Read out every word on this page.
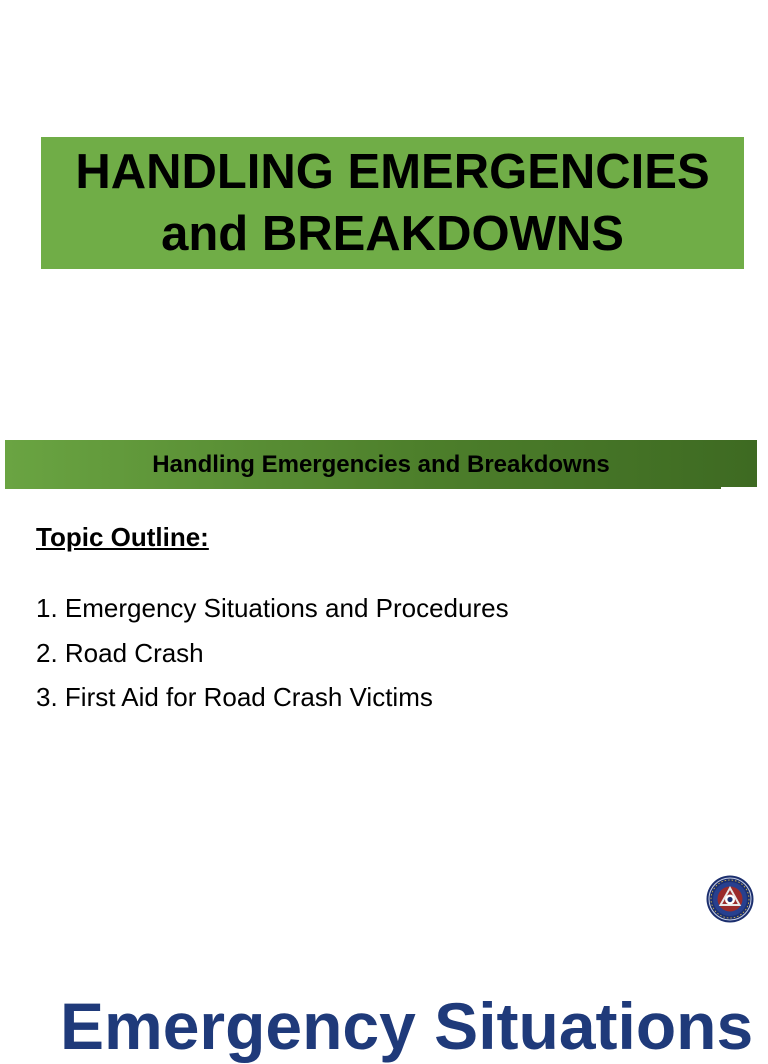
HANDLING EMERGENCIES
and BREAKDOWNS
Handling Emergencies and Breakdowns
Topic Outline:
1. Emergency Situations and Procedures
2. Road Crash
3. First Aid for Road Crash Victims
Emergency Situations
